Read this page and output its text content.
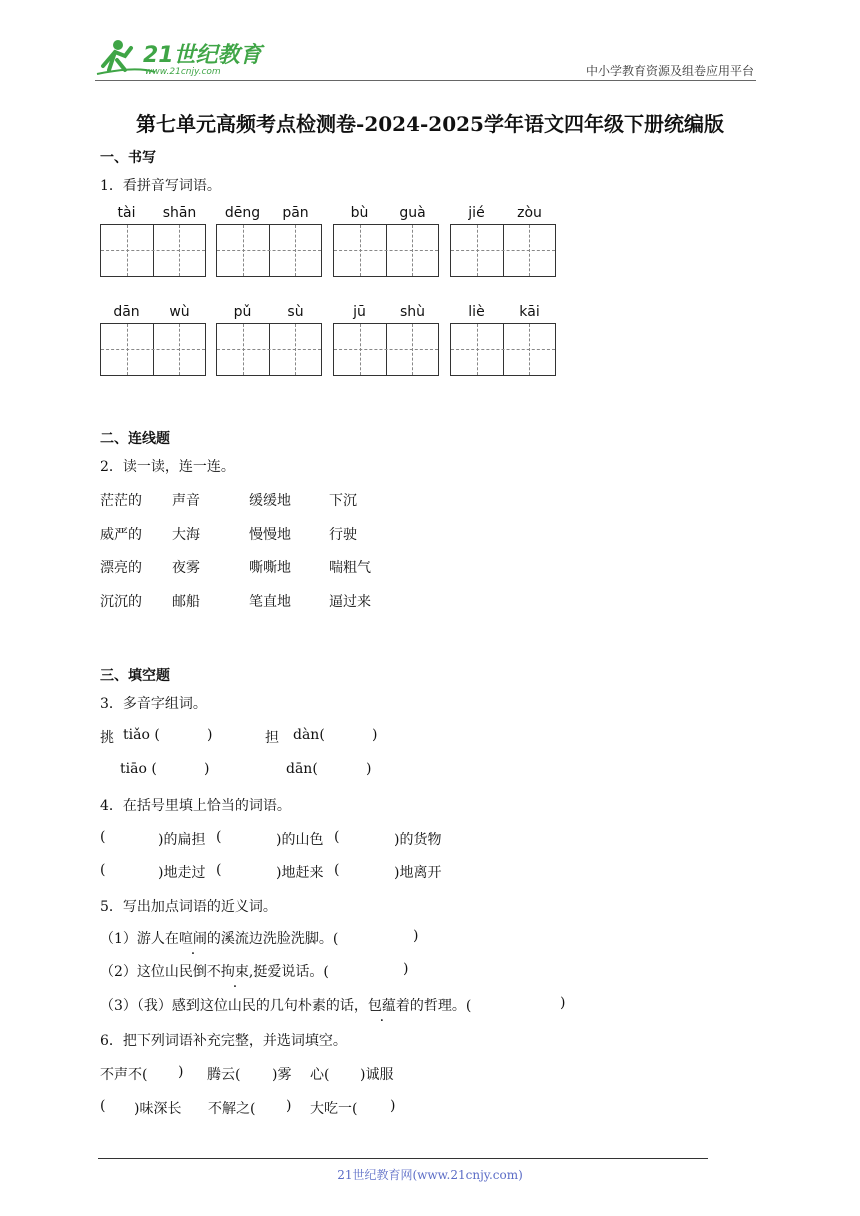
21世纪教育
www.21cnjy.com	中小学教育资源及组卷应用平台
第七单元高频考点检测卷-2024-2025学年语文四年级下册统编版
一、书写
1．看拼音写词语。
tài	shān	dēng	pān	bù	guà	jié	zòu
dān	wù	pǔ	sù	jū	shù	liè	kāi
二、连线题
2．读一读，连一连。
茫茫的 声音	缓缓地	下沉
威严的 大海	慢慢地	行驶
漂亮的 夜雾	嘶嘶地	喘粗气
沉沉的 邮船	笔直地	逼过来
三、填空题
3．多音字组词。
挑 tiǎo (	)	担 dàn(	)
tiāo (	)	dān(	)
4．在括号里填上恰当的词语。
(	)的扁担 (	)的山色 (	)的货物
(	)地走过 (	)地赶来 (	)地离开
5．写出加点词语的近义词。
（1）游人在喧闹的溪流边洗脸洗脚。(	)
（2）这位山民倒不拘束,挺爱说话。(	)
（3）（我）感到这位山民的几句朴素的话，包蕴着的哲理。(	)
6．把下列词语补充完整，并选词填空。
不声不( ) 腾云( )雾 心( )诚服
( )味深长 不解之( ) 大吃一( )
21世纪教育网(www.21cnjy.com)
